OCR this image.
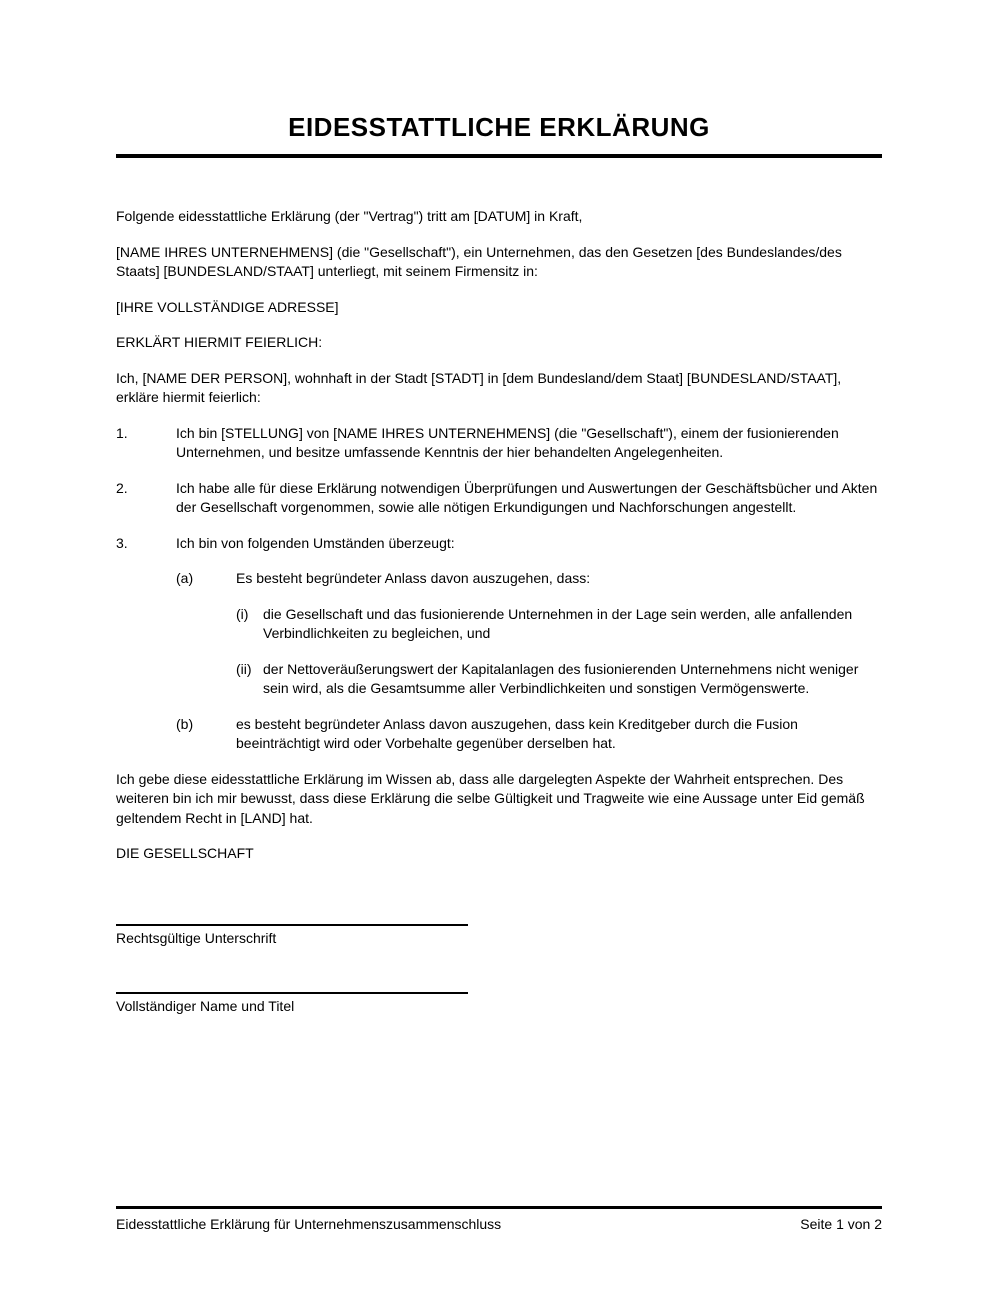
EIDESSTATTLICHE ERKLÄRUNG

Folgende eidesstattliche Erklärung (der "Vertrag") tritt am [DATUM] in Kraft,

[NAME IHRES UNTERNEHMENS] (die "Gesellschaft"), ein Unternehmen, das den Gesetzen [des Bundeslandes/des Staats] [BUNDESLAND/STAAT] unterliegt, mit seinem Firmensitz in:

[IHRE VOLLSTÄNDIGE ADRESSE]

ERKLÄRT HIERMIT FEIERLICH:

Ich, [NAME DER PERSON], wohnhaft in der Stadt [STADT] in [dem Bundesland/dem Staat] [BUNDESLAND/STAAT], erkläre hiermit feierlich:

1.	Ich bin [STELLUNG] von [NAME IHRES UNTERNEHMENS] (die "Gesellschaft"), einem der fusionierenden Unternehmen, und besitze umfassende Kenntnis der hier behandelten Angelegenheiten.
2.	Ich habe alle für diese Erklärung notwendigen Überprüfungen und Auswertungen der Geschäftsbücher und Akten der Gesellschaft vorgenommen, sowie alle nötigen Erkundigungen und Nachforschungen angestellt.
3.	Ich bin von folgenden Umständen überzeugt:
(a)	Es besteht begründeter Anlass davon auszugehen, dass:
(i)	die Gesellschaft und das fusionierende Unternehmen in der Lage sein werden, alle anfallenden Verbindlichkeiten zu begleichen, und
(ii) der Nettoveräußerungswert der Kapitalanlagen des fusionierenden Unternehmens nicht weniger sein wird, als die Gesamtsumme aller Verbindlichkeiten und sonstigen Vermögenswerte.
(b)	es besteht begründeter Anlass davon auszugehen, dass kein Kreditgeber durch die Fusion beeinträchtigt wird oder Vorbehalte gegenüber derselben hat.

Ich gebe diese eidesstattliche Erklärung im Wissen ab, dass alle dargelegten Aspekte der Wahrheit entsprechen. Des weiteren bin ich mir bewusst, dass diese Erklärung die selbe Gültigkeit und Tragweite wie eine Aussage unter Eid gemäß geltendem Recht in [LAND] hat.

DIE GESELLSCHAFT

Rechtsgültige Unterschrift
Vollständiger Name und Titel
Eidesstattliche Erklärung für Unternehmenszusammenschluss	Seite 1 von 2
